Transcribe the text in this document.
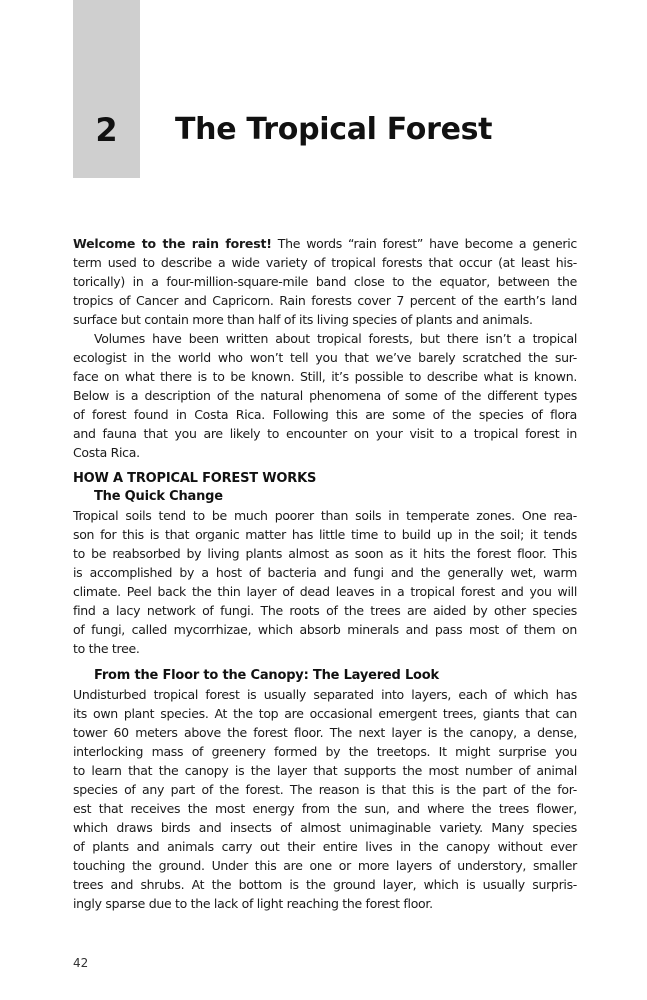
2	The Tropical Forest
Welcome to the rain forest! The words “rain forest” have become a generic
term used to describe a wide variety of tropical forests that occur (at least his-
torically) in a four-million-square-mile band close to the equator, between the
tropics of Cancer and Capricorn. Rain forests cover 7 percent of the earth’s land
surface but contain more than half of its living species of plants and animals.
Volumes have been written about tropical forests, but there isn’t a tropical
ecologist in the world who won’t tell you that we’ve barely scratched the sur-
face on what there is to be known. Still, it’s possible to describe what is known.
Below is a description of the natural phenomena of some of the different types
of forest found in Costa Rica. Following this are some of the species of flora
and fauna that you are likely to encounter on your visit to a tropical forest in
Costa Rica.
HOW A TROPICAL FOREST WORKS
The Quick Change
Tropical soils tend to be much poorer than soils in temperate zones. One rea-
son for this is that organic matter has little time to build up in the soil; it tends
to be reabsorbed by living plants almost as soon as it hits the forest floor. This
is accomplished by a host of bacteria and fungi and the generally wet, warm
climate. Peel back the thin layer of dead leaves in a tropical forest and you will
find a lacy network of fungi. The roots of the trees are aided by other species
of fungi, called mycorrhizae, which absorb minerals and pass most of them on
to the tree.
From the Floor to the Canopy: The Layered Look
Undisturbed tropical forest is usually separated into layers, each of which has
its own plant species. At the top are occasional emergent trees, giants that can
tower 60 meters above the forest floor. The next layer is the canopy, a dense,
interlocking mass of greenery formed by the treetops. It might surprise you
to learn that the canopy is the layer that supports the most number of animal
species of any part of the forest. The reason is that this is the part of the for-
est that receives the most energy from the sun, and where the trees flower,
which draws birds and insects of almost unimaginable variety. Many species
of plants and animals carry out their entire lives in the canopy without ever
touching the ground. Under this are one or more layers of understory, smaller
trees and shrubs. At the bottom is the ground layer, which is usually surpris-
ingly sparse due to the lack of light reaching the forest floor.
42
